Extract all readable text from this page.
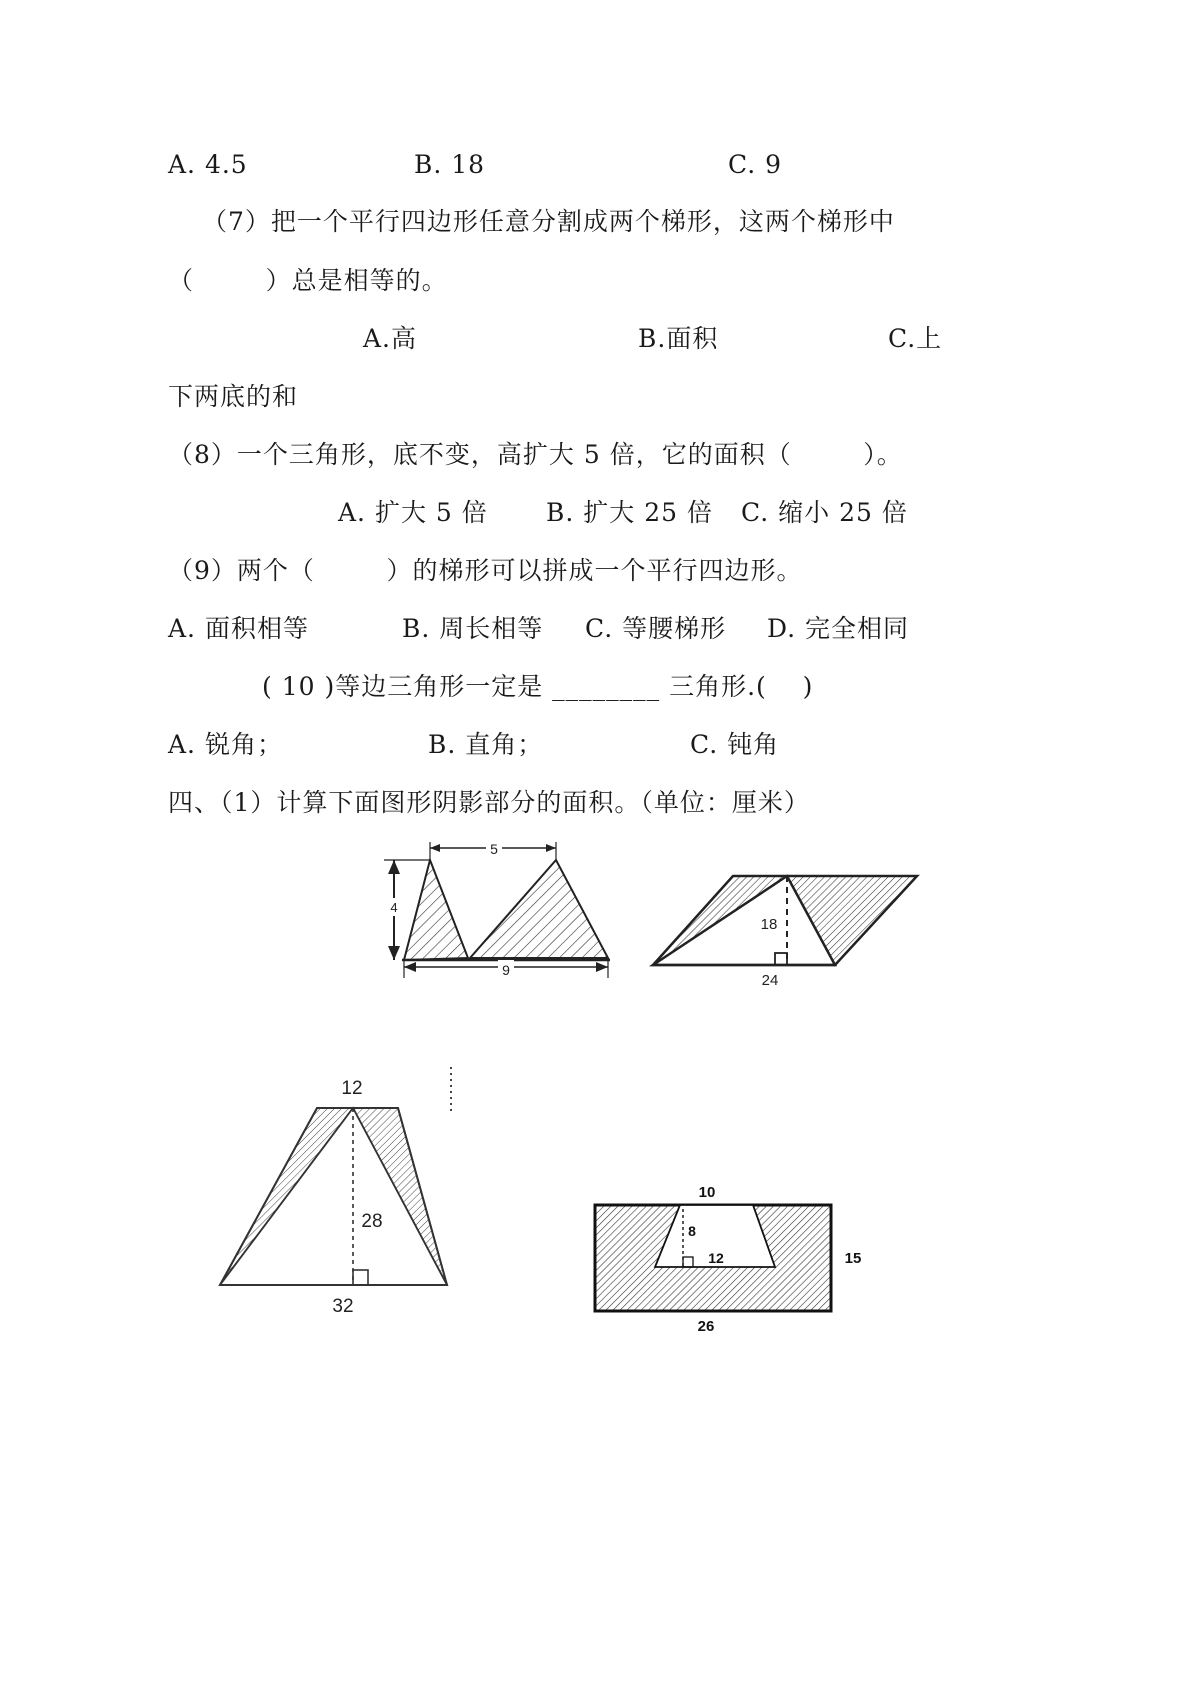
A. 4.5	B. 18	C. 9
（7）把一个平行四边形任意分割成两个梯形，这两个梯形中
（        ）总是相等的。
A.高	B.面积	C.上
下两底的和
（8）一个三角形，底不变，高扩大 5 倍，它的面积（        ）。
A. 扩大 5 倍 B. 扩大 25 倍 C. 缩小 25 倍
（9）两个（        ）的梯形可以拼成一个平行四边形。
A. 面积相等	B. 周长相等 C. 等腰梯形 D. 完全相同
( 10 )等边三角形一定是 ________ 三角形.(    )
A. 锐角；	B. 直角；	C. 钝角
四、（1）计算下面图形阴影部分的面积。（单位：厘米）
5
4
9
18
24
12
28
32
10
8
12	15
26
